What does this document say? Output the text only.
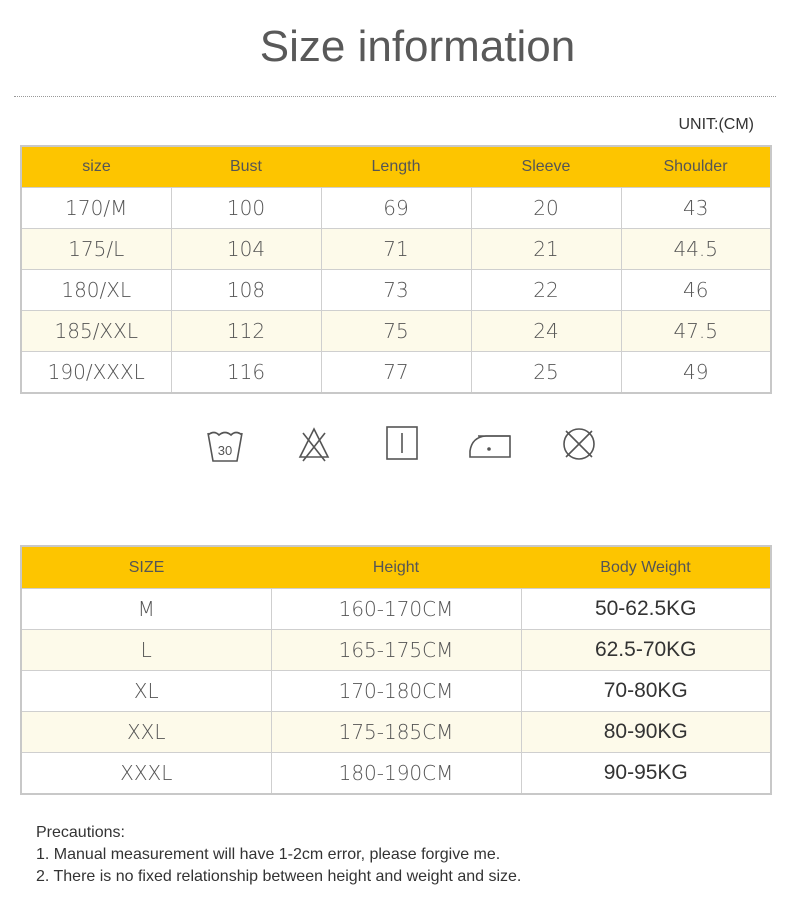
Size information
UNIT:(CM)
size	Bust	Length	Sleeve	Shoulder
170/M	100	69	20	43
175/L	104	71	21	44.5
180/XL	108	73	22	46
185/XXL	112	75	24	47.5
190/XXXL	116	77	25	49
30
SIZE	Height	Body Weight
M	160-170CM	50-62.5KG
L	165-175CM	62.5-70KG
XL	170-180CM	70-80KG
XXL	175-185CM	80-90KG
XXXL	180-190CM	90-95KG
Precautions:
1. Manual measurement will have 1-2cm error, please forgive me.
2. There is no fixed relationship between height and weight and size.
